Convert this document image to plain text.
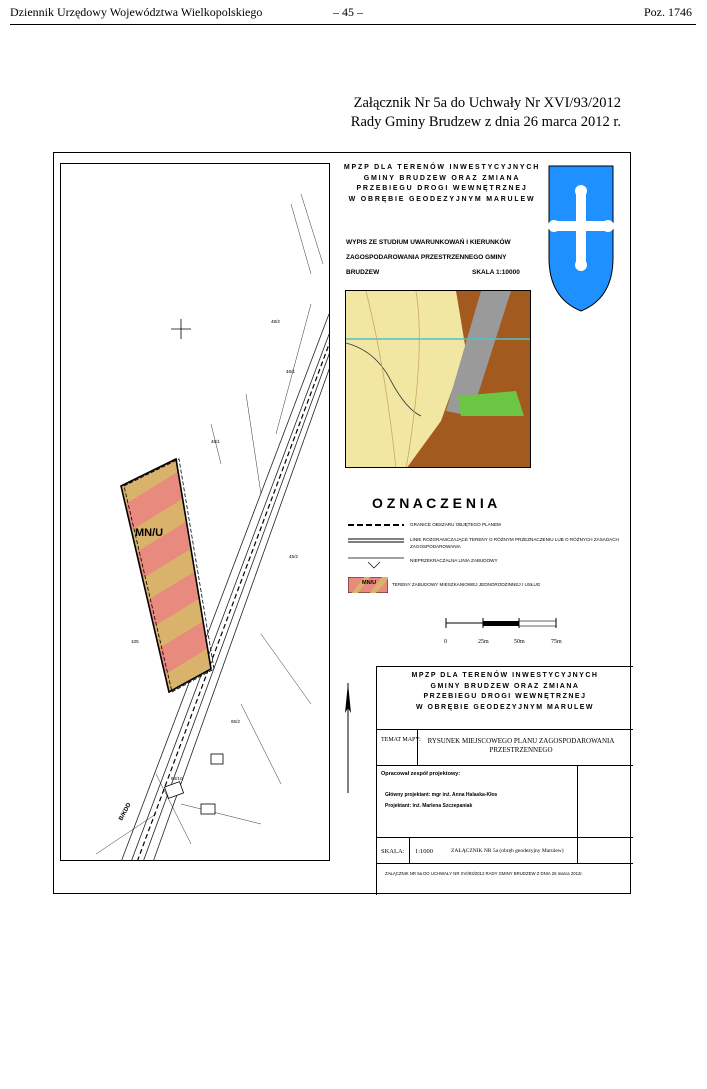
Dziennik Urzędowy Województwa Wielkopolskiego	– 45 –	Poz. 1746
Załącznik Nr 5a do Uchwały Nr XVI/93/2012
Rady Gminy Brudzew z dnia 26 marca 2012 r.
MN/U
B/KDD
48/2
48/1
46/1
45/2
65/2
105
64/10
MPZP DLA TERENÓW INWESTYCYJNYCH
GMINY BRUDZEW ORAZ ZMIANA
PRZEBIEGU DROGI WEWNĘTRZNEJ
W OBRĘBIE GEODEZYJNYM MARULEW
WYPIS ZE STUDIUM UWARUNKOWAŃ I KIERUNKÓW
ZAGOSPODAROWANIA PRZESTRZENNEGO GMINY
BRUDZEW	SKALA 1:10000
O Z N A C Z E N I A
GRANICE OBSZARU OBJĘTEGO PLANEM
LINIE ROZGRANICZAJĄCE TERENY O RÓŻNYM PRZEZNACZENIU LUB O RÓŻNYCH ZASADACH ZAGOSPODAROWANIA
NIEPRZEKRACZALNA LINIA ZABUDOWY
MN/U	TERENY ZABUDOWY MIESZKANIOWEJ JEDNORODZINNEJ I USŁUG
0	25m	50m	75m
MPZP DLA TERENÓW INWESTYCYJNYCH
GMINY BRUDZEW ORAZ ZMIANA
PRZEBIEGU DROGI WEWNĘTRZNEJ
W OBRĘBIE GEODEZYJNYM MARULEW
TEMAT MAPY: RYSUNEK MIEJSCOWEGO PLANU ZAGOSPODAROWANIA PRZESTRZENNEGO
Opracował zespół projektowy:
Główny projektant: mgr inż. Anna Halaska-Kłos
Projektant: inż. Marlena Szczepaniak
SKALA: 1:1000	ZAŁĄCZNIK NR 5a (obręb geodezyjny Marulew)
ZAŁĄCZNIK NR 5a DO UCHWAŁY NR XVI/93/2012 RADY GMINY BRUDZEW Z DNIA 26 marca 2012r.
